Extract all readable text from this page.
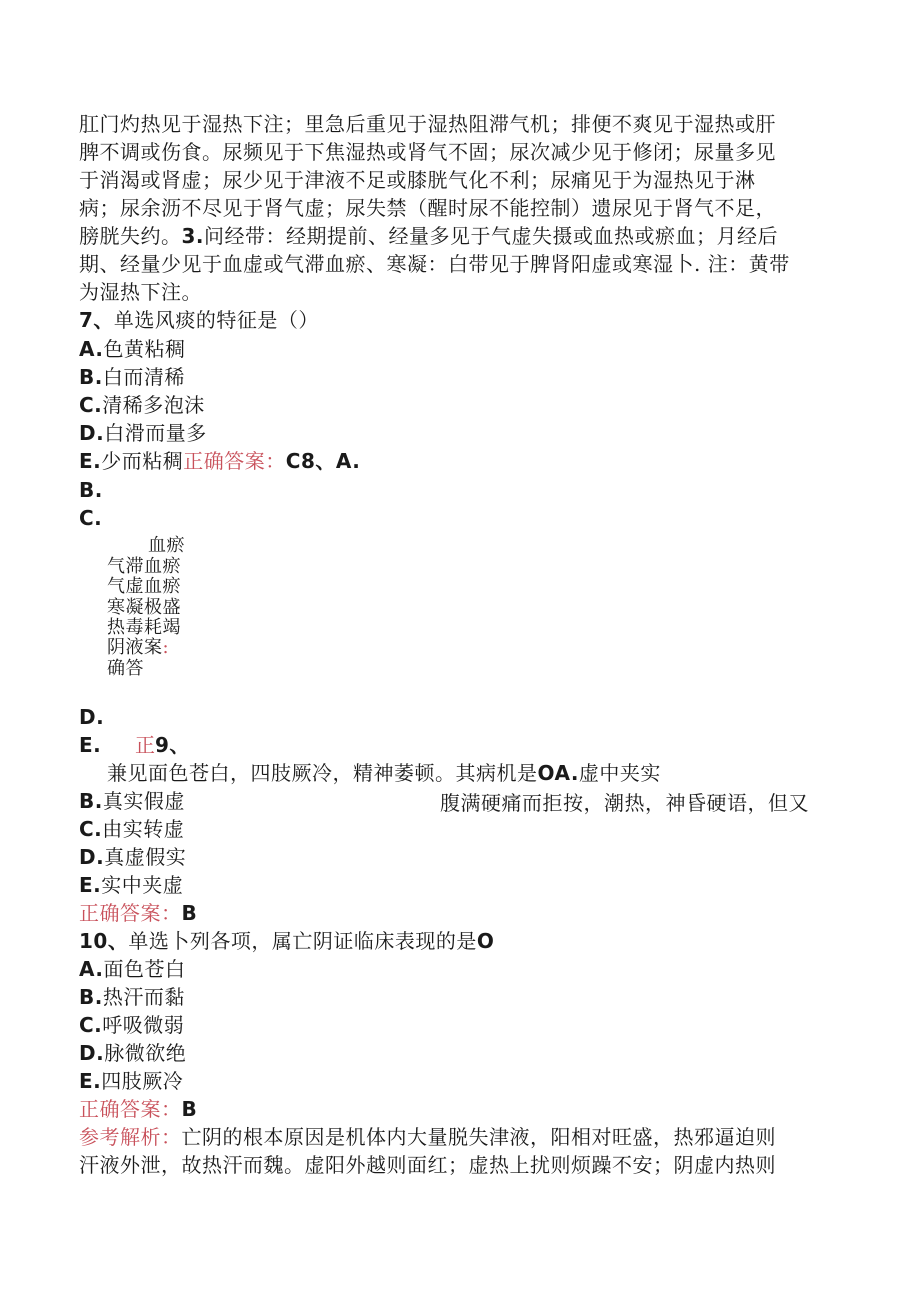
肛门灼热见于湿热下注；里急后重见于湿热阻滞气机；排便不爽见于湿热或肝
脾不调或伤食。尿频见于下焦湿热或肾气不固；尿次减少见于修闭；尿量多见
于消渴或肾虚；尿少见于津液不足或膝胱气化不利；尿痛见于为湿热见于淋
病；尿余沥不尽见于肾气虚；尿失禁（醒时尿不能控制）遗尿见于肾气不足，
膀胱失约。3.问经带：经期提前、经量多见于气虚失摄或血热或瘀血；月经后
期、经量少见于血虚或气滞血瘀、寒凝：白带见于脾肾阳虚或寒湿卜. 注：黄带
为湿热下注。
7、单选风痰的特征是（）
A.色黄粘稠
B.白而清稀
C.清稀多泡沫
D.白滑而量多
E.少而粘稠正确答案：C8、A.
B.
C.
血瘀
气滞血瘀
气虚血瘀
寒凝极盛
热毒耗竭
阴液案:
确答
D.
E. 正 9、
兼见面色苍白，四肢厥冷，精神萎顿。其病机是OA.虚中夹实
腹满硬痛而拒按，潮热，神昏硬语，但又
B.真实假虚
C.由实转虚
D.真虚假实
E.实中夹虚
正确答案：B
10、单选卜列各项，属亡阴证临床表现的是O
A.面色苍白
B.热汗而黏
C.呼吸微弱
D.脉微欲绝
E.四肢厥冷
正确答案：B
参考解析：亡阴的根本原因是机体内大量脱失津液，阳相对旺盛，热邪逼迫则
汗液外泄，故热汗而魏。虚阳外越则面红；虚热上扰则烦躁不安；阴虚内热则
